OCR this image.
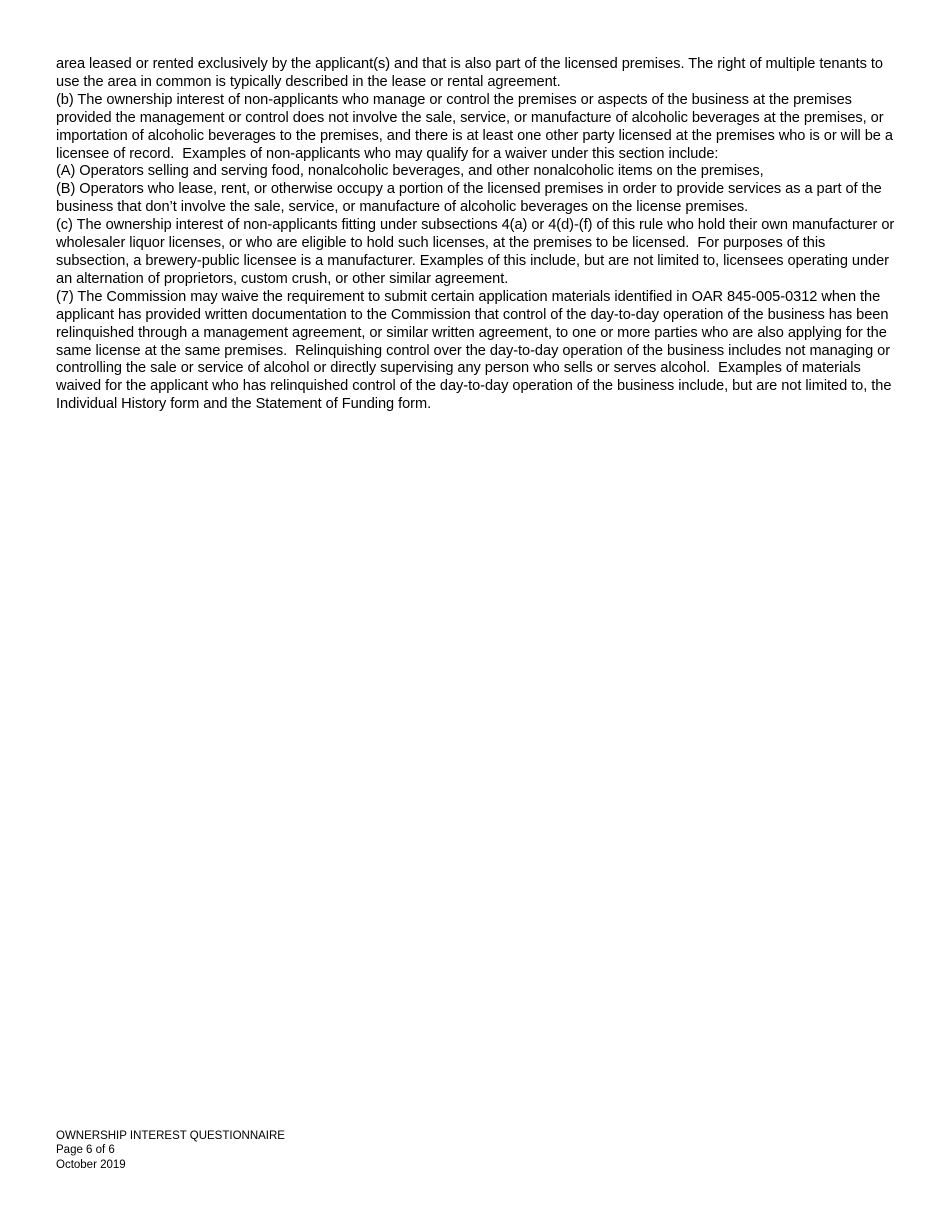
area leased or rented exclusively by the applicant(s) and that is also part of the licensed premises. The right of multiple tenants to use the area in common is typically described in the lease or rental agreement.

(b) The ownership interest of non-applicants who manage or control the premises or aspects of the business at the premises provided the management or control does not involve the sale, service, or manufacture of alcoholic beverages at the premises, or importation of alcoholic beverages to the premises, and there is at least one other party licensed at the premises who is or will be a licensee of record.  Examples of non-applicants who may qualify for a waiver under this section include:

(A) Operators selling and serving food, nonalcoholic beverages, and other nonalcoholic items on the premises,

(B) Operators who lease, rent, or otherwise occupy a portion of the licensed premises in order to provide services as a part of the business that don’t involve the sale, service, or manufacture of alcoholic beverages on the license premises.

(c) The ownership interest of non-applicants fitting under subsections 4(a) or 4(d)-(f) of this rule who hold their own manufacturer or wholesaler liquor licenses, or who are eligible to hold such licenses, at the premises to be licensed.  For purposes of this subsection, a brewery-public licensee is a manufacturer. Examples of this include, but are not limited to, licensees operating under an alternation of proprietors, custom crush, or other similar agreement.

(7) The Commission may waive the requirement to submit certain application materials identified in OAR 845-005-0312 when the applicant has provided written documentation to the Commission that control of the day-to-day operation of the business has been relinquished through a management agreement, or similar written agreement, to one or more parties who are also applying for the same license at the same premises.  Relinquishing control over the day-to-day operation of the business includes not managing or controlling the sale or service of alcohol or directly supervising any person who sells or serves alcohol.  Examples of materials waived for the applicant who has relinquished control of the day-to-day operation of the business include, but are not limited to, the Individual History form and the Statement of Funding form.

OWNERSHIP INTEREST QUESTIONNAIRE
Page 6 of 6
October 2019
